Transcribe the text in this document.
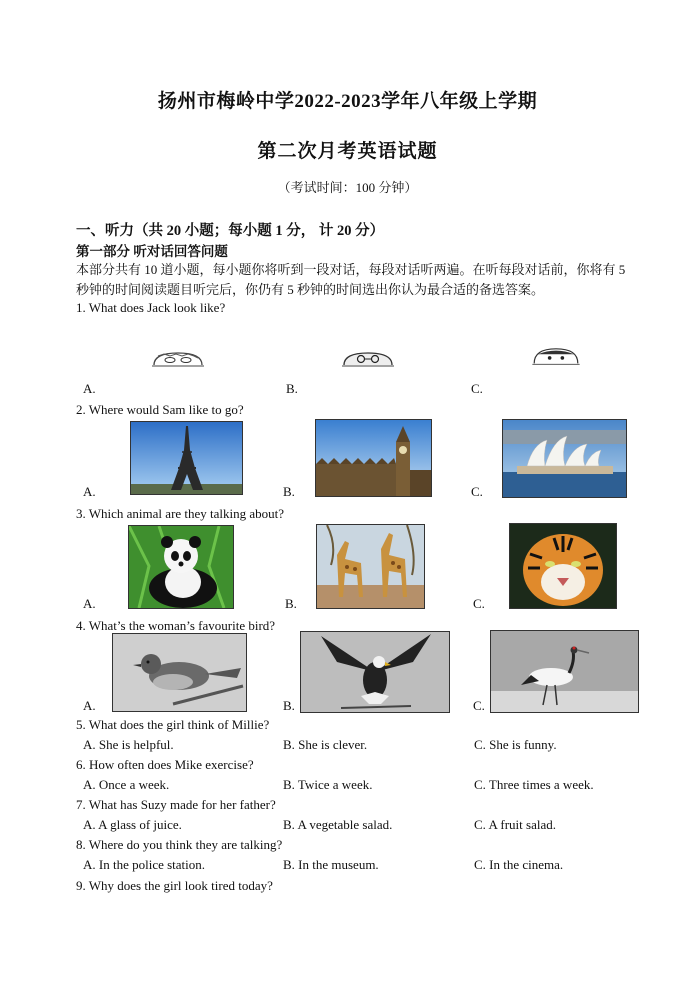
扬州市梅岭中学2022-2023学年八年级上学期
第二次月考英语试题
（考试时间：100 分钟）
一、听力（共 20 小题；每小题 1 分， 计 20 分）
第一部分 听对话回答问题
本部分共有 10 道小题，每小题你将听到一段对话，每段对话听两遍。在听每段对话前，你将有 5 秒钟的时间阅读题目听完后，你仍有 5 秒钟的时间选出你认为最合适的备选答案。
1. What does Jack look like?
A.	B.	C.
2. Where would Sam like to go?
A.	B.	C.
3. Which animal are they talking about?
A.	B.	C.
4. What’s the woman’s favourite bird?
A.	B.	C.
5. What does the girl think of Millie?
A. She is helpful.	B. She is clever.	C. She is funny.
6. How often does Mike exercise?
A. Once a week.	B. Twice a week.	C. Three times a week.
7. What has Suzy made for her father?
A. A glass of juice.	B. A vegetable salad.	C. A fruit salad.
8. Where do you think they are talking?
A. In the police station.	B. In the museum.	C. In the cinema.
9. Why does the girl look tired today?
